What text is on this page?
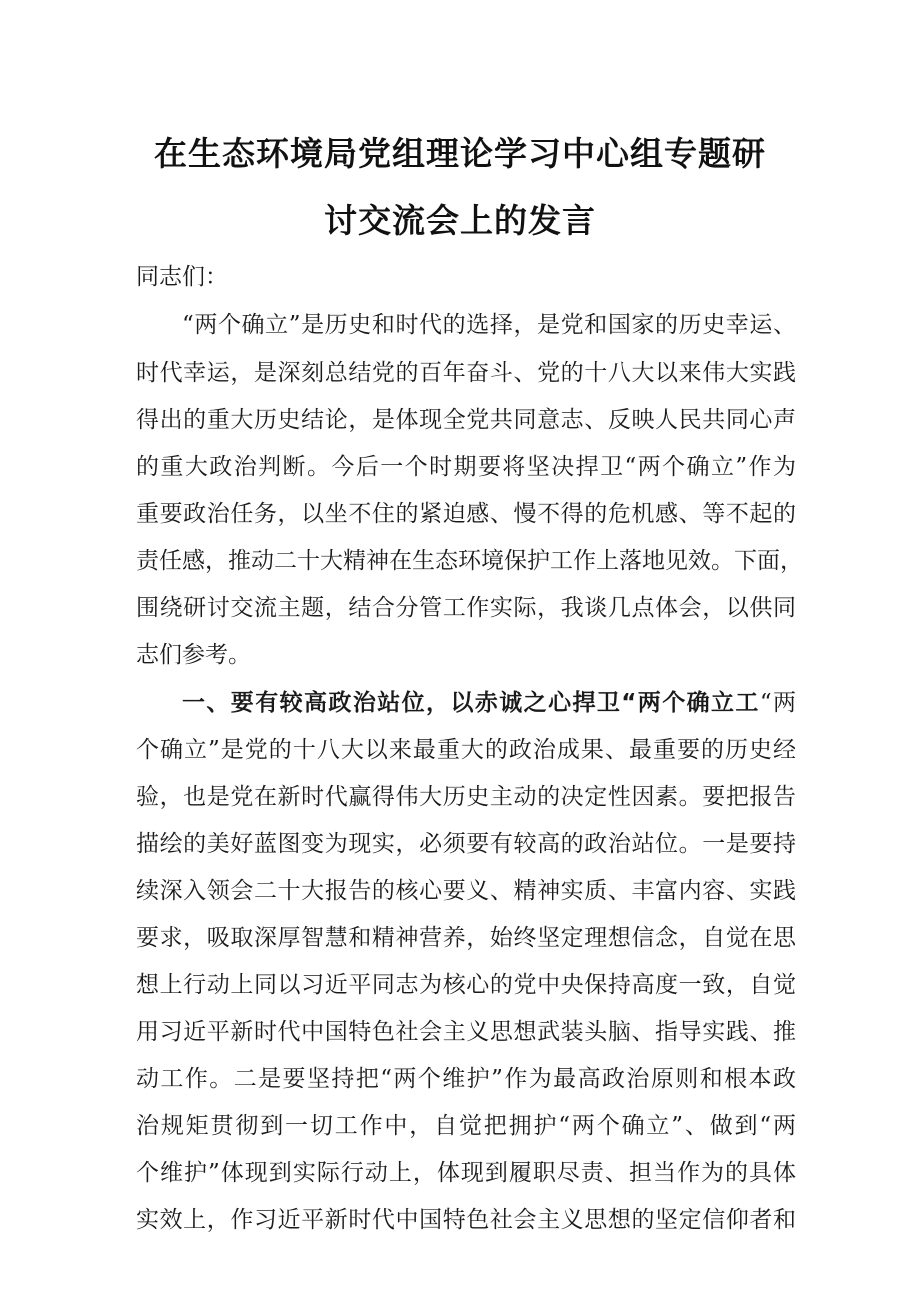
在生态环境局党组理论学习中心组专题研
讨交流会上的发言
同志们：
“两个确立”是历史和时代的选择，是党和国家的历史幸运、
时代幸运，是深刻总结党的百年奋斗、党的十八大以来伟大实践
得出的重大历史结论，是体现全党共同意志、反映人民共同心声
的重大政治判断。今后一个时期要将坚决捍卫“两个确立”作为
重要政治任务，以坐不住的紧迫感、慢不得的危机感、等不起的
责任感，推动二十大精神在生态环境保护工作上落地见效。下面，
围绕研讨交流主题，结合分管工作实际，我谈几点体会，以供同
志们参考。
一、要有较高政治站位，以赤诚之心捍卫“两个确立工“两
个确立”是党的十八大以来最重大的政治成果、最重要的历史经
验，也是党在新时代赢得伟大历史主动的决定性因素。要把报告
描绘的美好蓝图变为现实，必须要有较高的政治站位。一是要持
续深入领会二十大报告的核心要义、精神实质、丰富内容、实践
要求，吸取深厚智慧和精神营养，始终坚定理想信念，自觉在思
想上行动上同以习近平同志为核心的党中央保持高度一致，自觉
用习近平新时代中国特色社会主义思想武装头脑、指导实践、推
动工作。二是要坚持把“两个维护”作为最高政治原则和根本政
治规矩贯彻到一切工作中，自觉把拥护“两个确立”、做到“两
个维护”体现到实际行动上，体现到履职尽责、担当作为的具体
实效上，作习近平新时代中国特色社会主义思想的坚定信仰者和
